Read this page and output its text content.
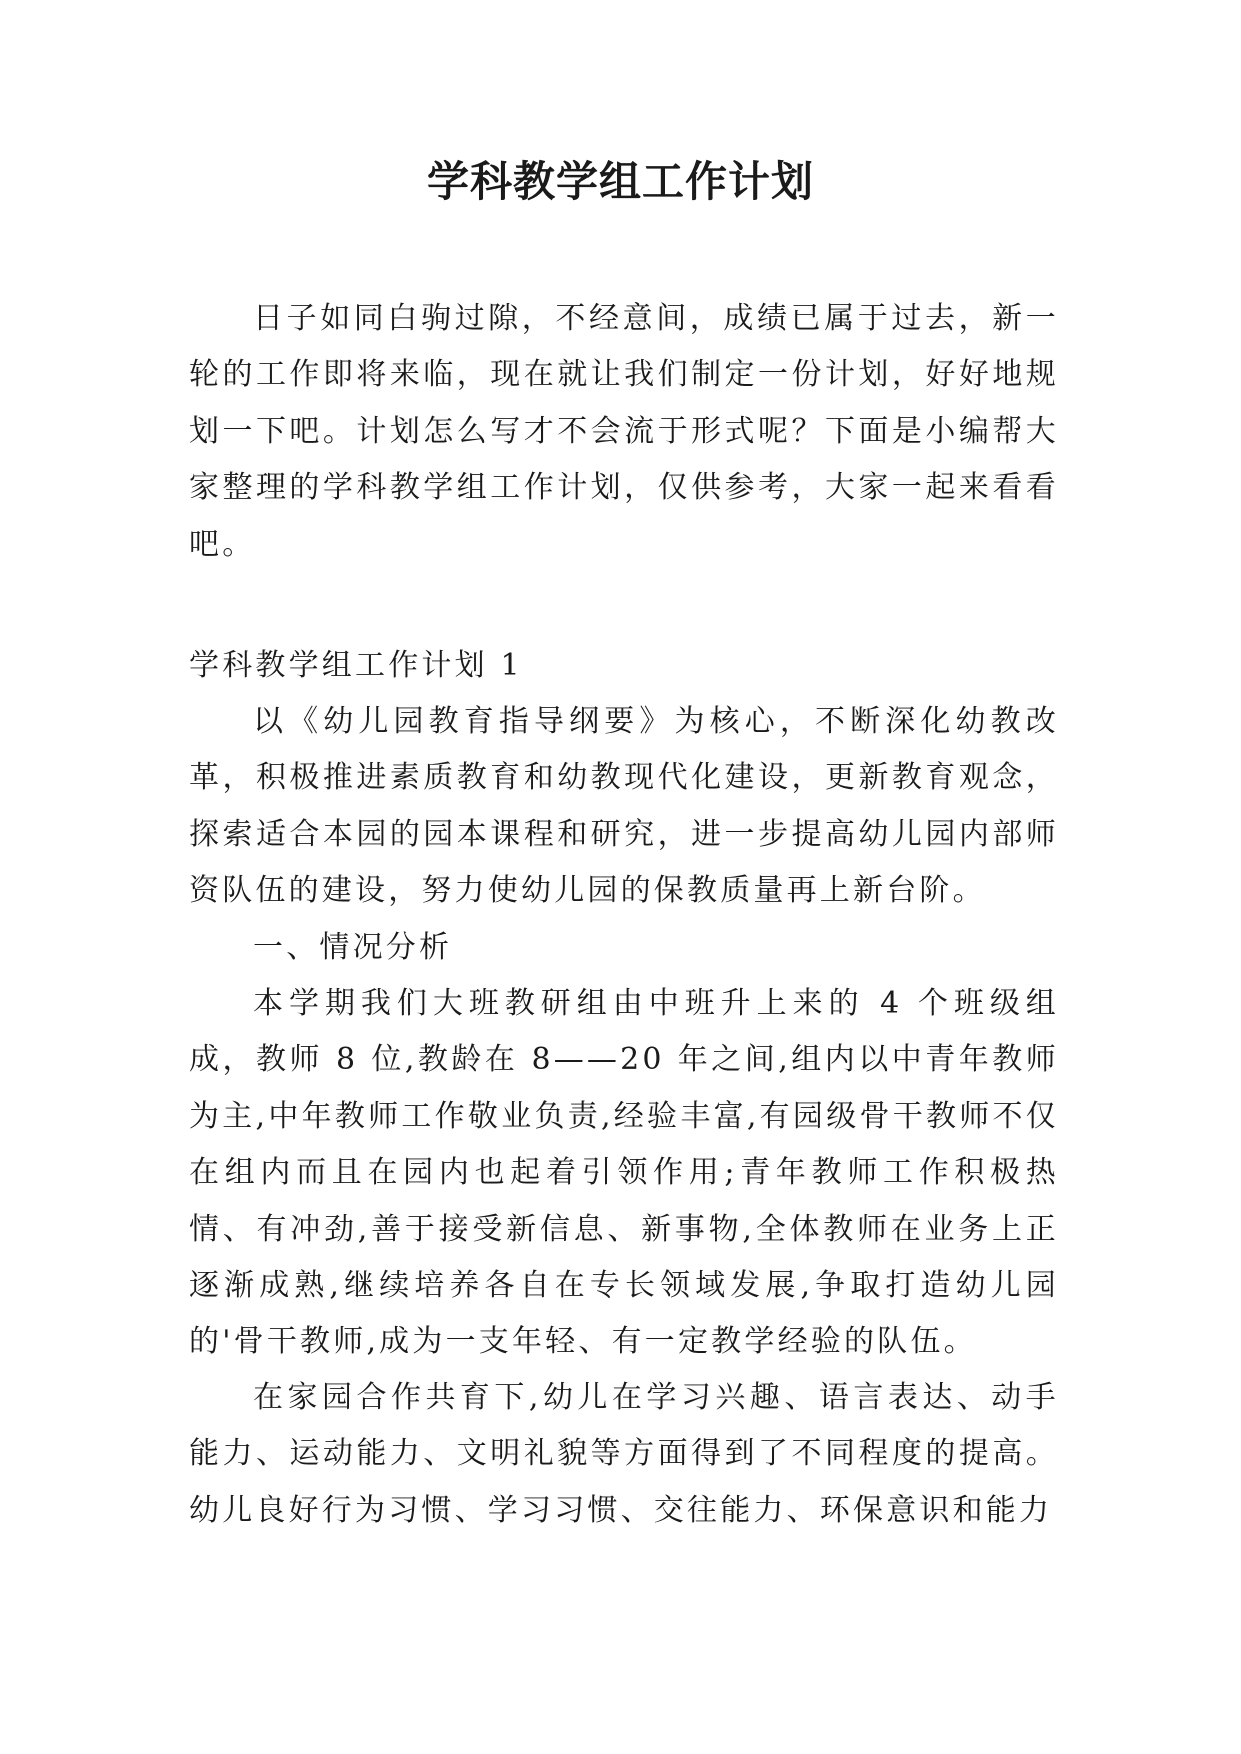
学科教学组工作计划

日子如同白驹过隙，不经意间，成绩已属于过去，新一轮的工作即将来临，现在就让我们制定一份计划，好好地规划一下吧。计划怎么写才不会流于形式呢？下面是小编帮大家整理的学科教学组工作计划，仅供参考，大家一起来看看吧。

学科教学组工作计划 1

以《幼儿园教育指导纲要》为核心，不断深化幼教改革，积极推进素质教育和幼教现代化建设，更新教育观念，探索适合本园的园本课程和研究，进一步提高幼儿园内部师资队伍的建设，努力使幼儿园的保教质量再上新台阶。

一、情况分析

本学期我们大班教研组由中班升上来的 4 个班级组成，教师 8 位,教龄在 8——20 年之间,组内以中青年教师为主,中年教师工作敬业负责,经验丰富,有园级骨干教师不仅在组内而且在园内也起着引领作用;青年教师工作积极热情、有冲劲,善于接受新信息、新事物,全体教师在业务上正逐渐成熟,继续培养各自在专长领域发展,争取打造幼儿园的'骨干教师,成为一支年轻、有一定教学经验的队伍。

在家园合作共育下,幼儿在学习兴趣、语言表达、动手能力、运动能力、文明礼貌等方面得到了不同程度的提高。幼儿良好行为习惯、学习习惯、交往能力、环保意识和能力
